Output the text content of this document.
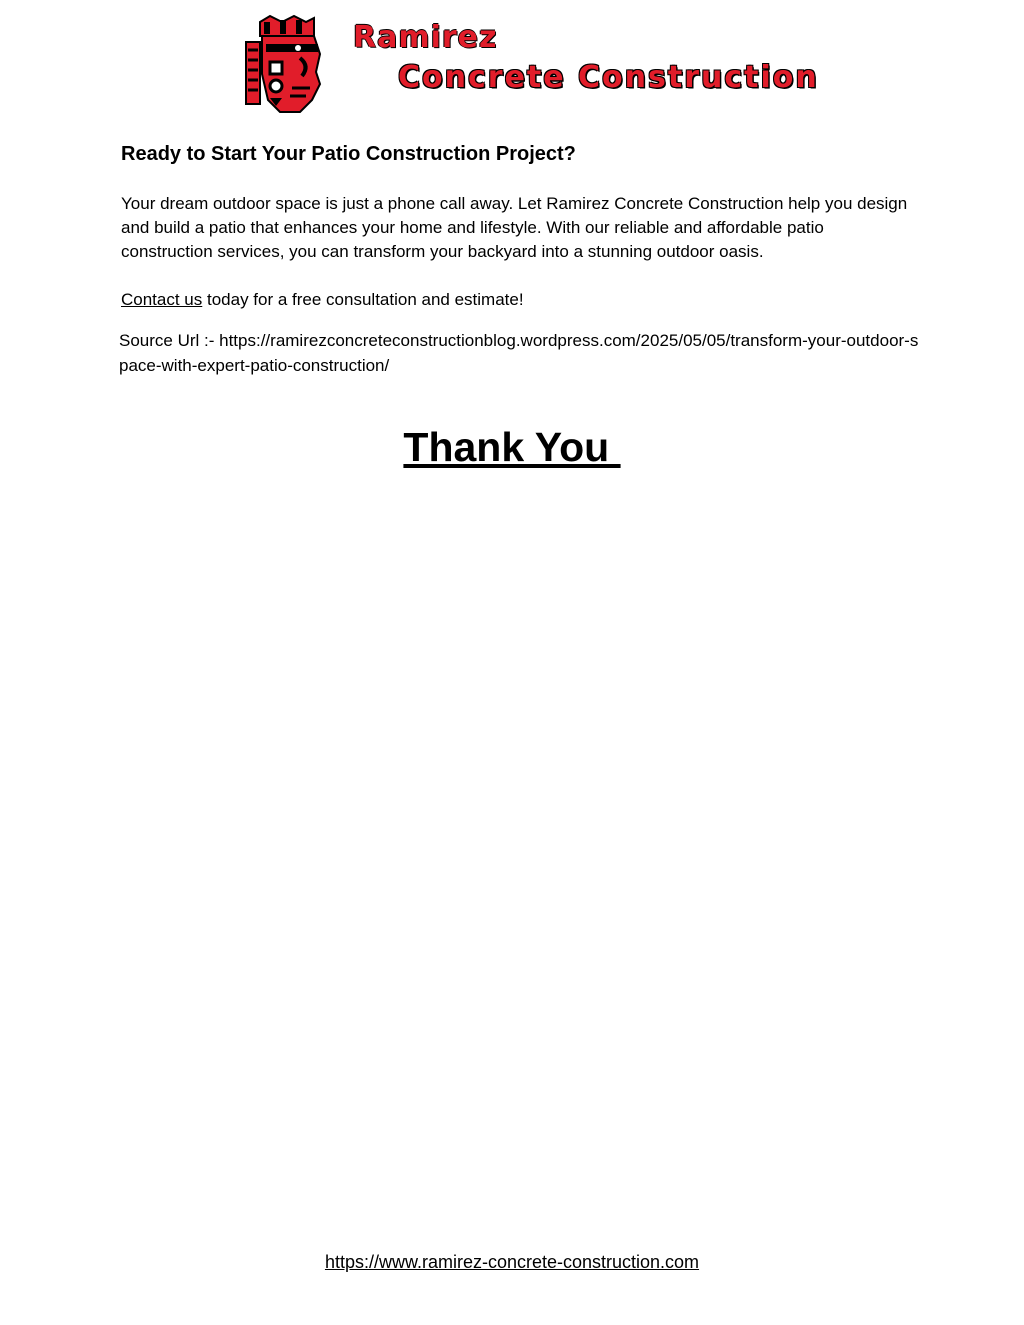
Ramirez
Concrete Construction
Ready to Start Your Patio Construction Project?

Your dream outdoor space is just a phone call away. Let Ramirez Concrete Construction help you design and build a patio that enhances your home and lifestyle. With our reliable and affordable patio construction services, you can transform your backyard into a stunning outdoor oasis.

Contact us today for a free consultation and estimate!

Source Url :- https://ramirezconcreteconstructionblog.wordpress.com/2025/05/05/transform-your-outdoor-space-with-expert-patio-construction/

Thank You
https://www.ramirez-concrete-construction.com
